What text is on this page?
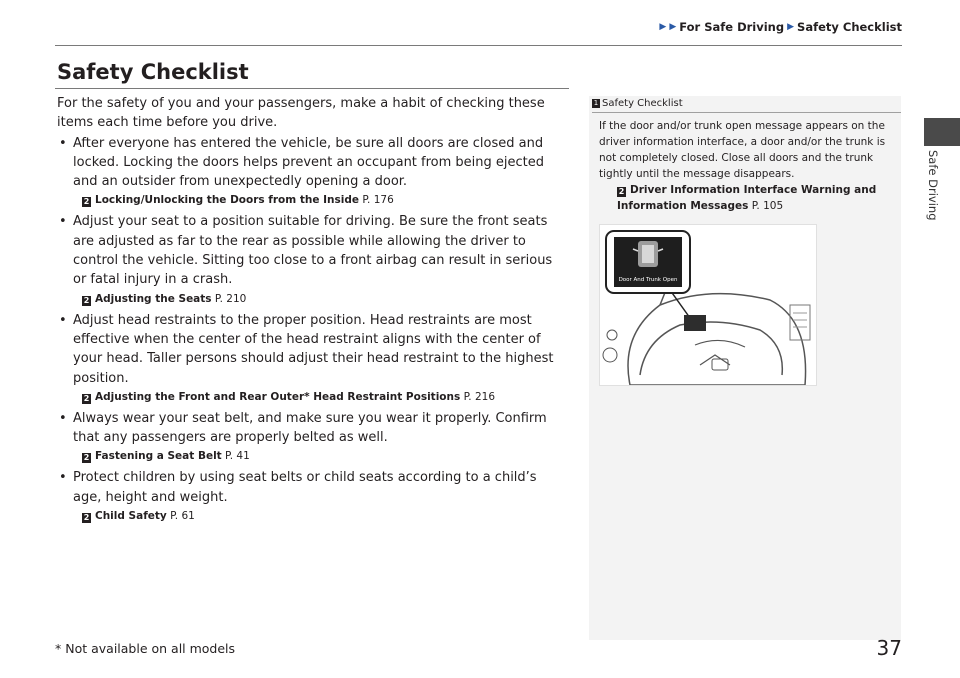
▶ ▶ For Safe Driving ▶ Safety Checklist
Safety Checklist

For the safety of you and your passengers, make a habit of checking these items each time before you drive.

• After everyone has entered the vehicle, be sure all doors are closed and locked. Locking the doors helps prevent an occupant from being ejected and an outsider from unexpectedly opening a door.
2 Locking/Unlocking the Doors from the Inside P. 176
• Adjust your seat to a position suitable for driving. Be sure the front seats are adjusted as far to the rear as possible while allowing the driver to control the vehicle. Sitting too close to a front airbag can result in serious or fatal injury in a crash.
2 Adjusting the Seats P. 210
• Adjust head restraints to the proper position. Head restraints are most effective when the center of the head restraint aligns with the center of your head. Taller persons should adjust their head restraint to the highest position.
2 Adjusting the Front and Rear Outer* Head Restraint Positions P. 216
• Always wear your seat belt, and make sure you wear it properly. Confirm that any passengers are properly belted as well.
2 Fastening a Seat Belt P. 41
• Protect children by using seat belts or child seats according to a child’s age, height and weight.
2 Child Safety P. 61
1 Safety Checklist
If the door and/or trunk open message appears on the driver information interface, a door and/or the trunk is not completely closed. Close all doors and the trunk tightly until the message disappears.
2 Driver Information Interface Warning and Information Messages P. 105
Door And Trunk Open
Safe Driving
* Not available on all models	37
